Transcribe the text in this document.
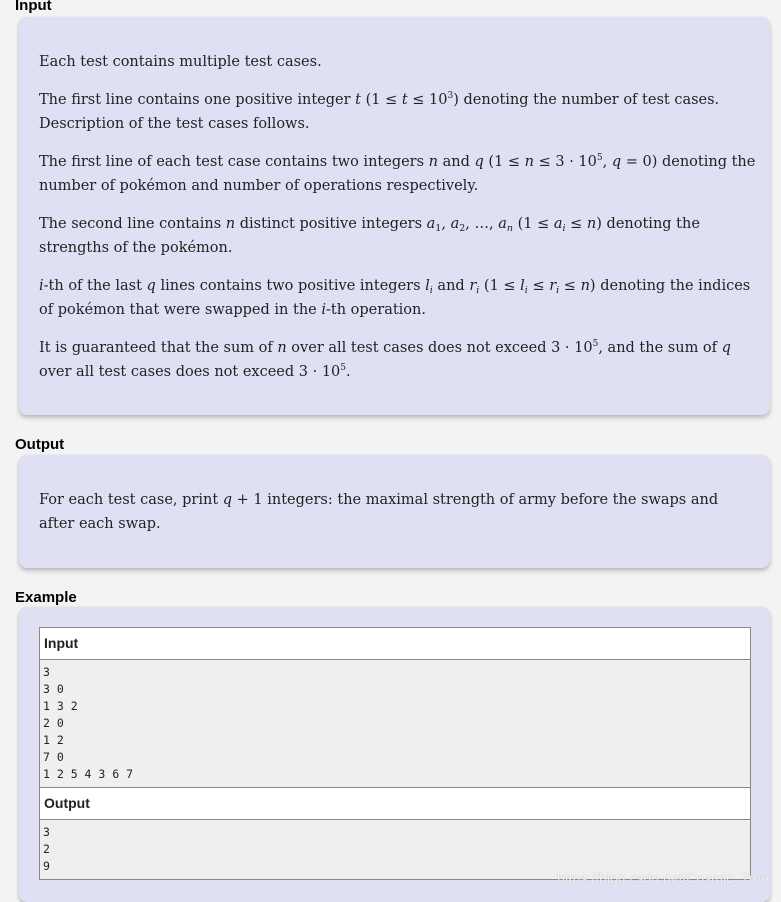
Input

Each test contains multiple test cases.

The first line contains one positive integer t $(1 \le t \le 10^3)$ denoting the number of test cases. Description of the test cases follows.

The first line of each test case contains two integers n and q ($1 \le n \le 3 \cdot 10^5$, q = 0) denoting the number of pokémon and number of operations respectively.

The second line contains n distinct positive integers $a_1$, $a_2$, …, $a_n$ $(1 \le a_i \le n)$ denoting the strengths of the pokémon.

i-th of the last q lines contains two positive integers $l_i$ and $r_i$ $(1 \le l_i \le r_i \le n)$ denoting the indices of pokémon that were swapped in the i-th operation.

It is guaranteed that the sum of n over all test cases does not exceed $3 \cdot 10^5$, and the sum of q over all test cases does not exceed $3 \cdot 10^5$.

Output

For each test case, print q + 1 integers: the maximal strength of army before the swaps and after each swap.

Example
Input
3
3 0
1 3 2
2 0
1 2
7 0
1 2 5 4 3 6 7
Output
3
2
9
https://blog.csdn.net/Cosmic_Tree
